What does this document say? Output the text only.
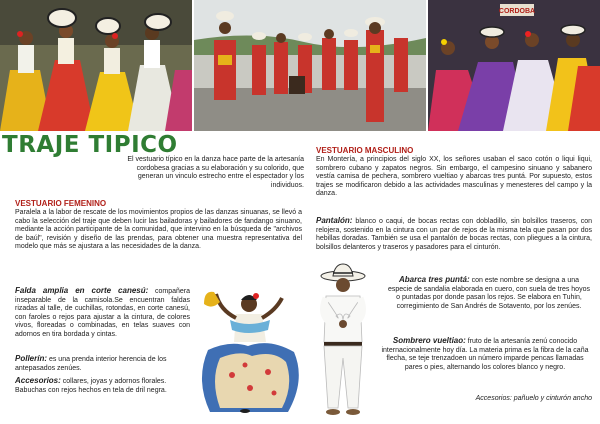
CORDOBA
TRAJE TIPICO
El vestuario típico en la danza hace parte de la artesanía cordobesa gracias a su elaboración y su colorido, que generan un vinculo estrecho entre el espectador y los individuos.
VESTUARIO FEMENINO
Paralela a la labor de rescate de los movimientos propios de las danzas sinuanas, se llevó a cabo la selección del traje que deben lucir las bailadoras y bailadores de fandango sinuano, mediante la acción participante de la comunidad, que intervino en la búsqueda de "archivos de baúl", revisión y diseño de las prendas, para obtener una muestra representativa del modelo que más se ajustara a las necesidades de la danza.
Falda amplia en corte canesú: compañera inseparable de la camisola.Se encuentran faldas rizadas al talle, de cuchillas, rotondas, en corte canesú, con faroles o rejos para ajustar a la cintura, de colores vivos, floreadas o combinadas, en telas suaves con adornos en tira bordada y cintas.
Pollerín: es una prenda interior herencia de los antepasados zenúes.
Accesorios: collares, joyas y adornos florales. Babuchas con rejos hechos en tela de dril negra.
VESTUARIO MASCULINO
En Montería, a principios del siglo XX, los señores usaban el saco cotón o liqui liqui, sombrero cubano y zapatos negros. Sin embargo, el campesino sinuano y sabanero vestía camisa de pechera, sombrero vueltiao y abarcas tres puntá. Por supuesto, estos trajes se modificaron debido a las actividades masculinas y menesteres del campo y la danza.
Pantalón: blanco o caqui, de bocas rectas con dobladillo, sin bolsillos traseros, con relojera, sostenido en la cintura con un par de rejos de la misma tela que pasan por dos hebillas doradas. También se usa el pantalón de bocas rectas, con pliegues a la cintura, bolsillos delanteros y traseros y pasadores para el cinturón.
Abarca tres puntá: con este nombre se designa a una especie de sandalia elaborada en cuero, con suela de tres hoyos o puntadas por donde pasan los rejos. Se elabora en Tuhin, corregimiento de San Andrés de Sotavento, por los zenúes.
Sombrero vueltiao: fruto de la artesanía zenú conocido internacionalmente hoy día. La materia prima es la fibra de la caña flecha, se teje trenzadoen un número imparde pencas llamadas pares o pies, alternando los colores blanco y negro.
Accesorios: pañuelo y cinturón ancho
